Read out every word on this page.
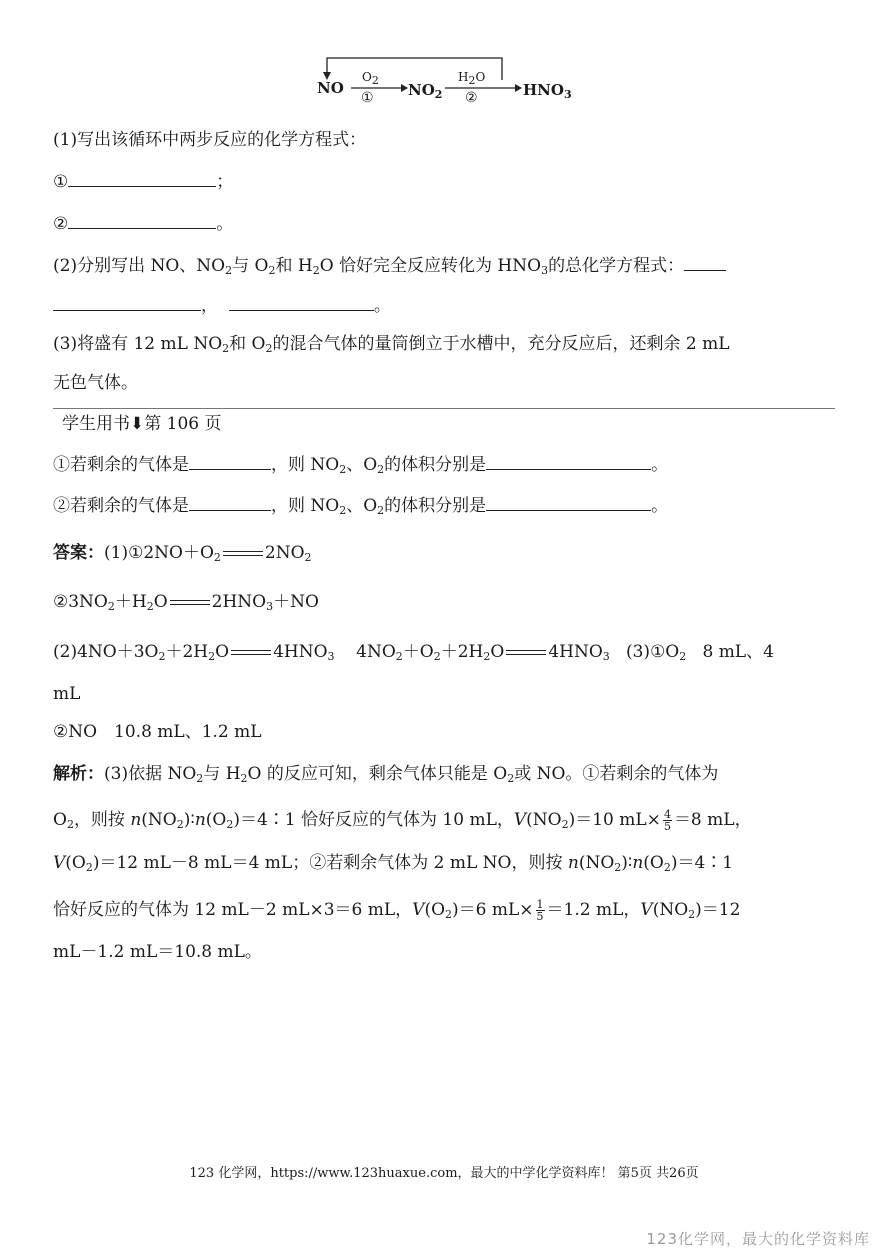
NO
$O_2$
① $NO_2$
$H_2O$
②	$HNO_3$
(1)写出该循环中两步反应的化学方程式：
①	；
②	。
(2)分别写出 NO、$NO_2$与 $O_2$和 $H_2O$ 恰好完全反应转化为 $HNO_3$的总化学方程式：
，	。
(3)将盛有 12 mL $NO_2$和 $O_2$的混合气体的量筒倒立于水槽中，充分反应后，还剩余 2 mL
无色气体。
学生用书⬇第 106 页
①若剩余的气体是	，则 $NO_2$、$O_2$的体积分别是	。
②若剩余的气体是	，则 $NO_2$、$O_2$的体积分别是	。
答案：$(1)①2NO+O_2$	$2NO_2$
$②3NO_2+H_2O$	$2HNO_3+NO$
$(2)4NO+3O_2+2H_2O$	$4HNO_3$ $4NO_2+O_2+2H_2O$	$4HNO_3$ $(3)①O_2$ 8 mL、4
mL
②NO　10.8 mL、1.2 mL
解析：(3)依据 $NO_2$与 $H_2O$ 的反应可知，剩余气体只能是 $O_2$或 NO。①若剩余的气体为
$O_2$，则按 $n(NO_2)∶n(O_2)=4∶1$ 恰好反应的气体为 10 mL，$V(NO_2)=10$ $mL\times \frac{4}{5} =8$ mL，
$V(O_2)=12$ mL－8 mL＝4 mL；②若剩余气体为 2 mL NO，则按 $n(NO_2)∶n(O_2)=4∶1$
恰好反应的气体为 12 mL－2 mL×3＝6 mL，$V(O_2)=6$ $mL\times \frac{1}{5} =1.2$ mL，$V(NO_2)=12$
mL－1.2 mL＝10.8 mL。
123 化学网，https://www.123huaxue.com，最大的中学化学资料库！ 第5页 共26页
123化学网，最大的化学资料库
